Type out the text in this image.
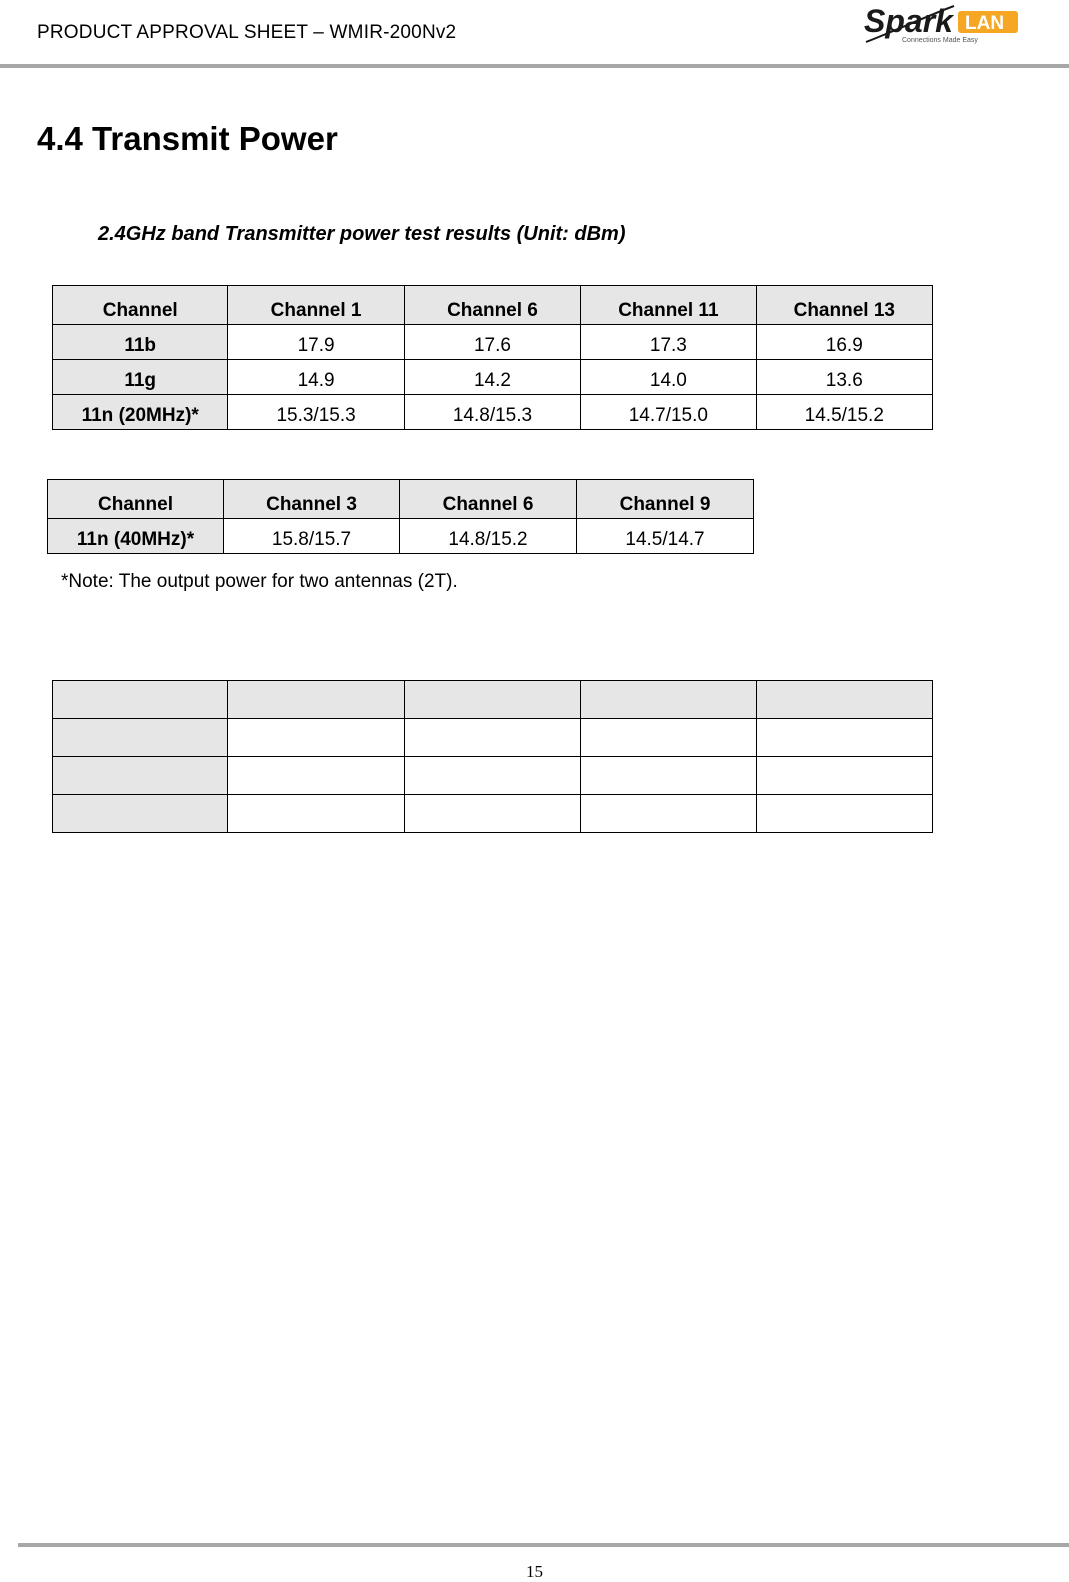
PRODUCT APPROVAL SHEET – WMIR-200Nv2	Spark LAN
Connections Made Easy
4.4 Transmit Power
2.4GHz band Transmitter power test results (Unit: dBm)
Channel	Channel 1	Channel 6	Channel 11	Channel 13
11b	17.9	17.6	17.3	16.9
11g	14.9	14.2	14.0	13.6
11n (20MHz)*	15.3/15.3	14.8/15.3	14.7/15.0	14.5/15.2
Channel	Channel 3	Channel 6	Channel 9
11n (40MHz)*	15.8/15.7	14.8/15.2	14.5/14.7
*Note: The output power for two antennas (2T).

15
